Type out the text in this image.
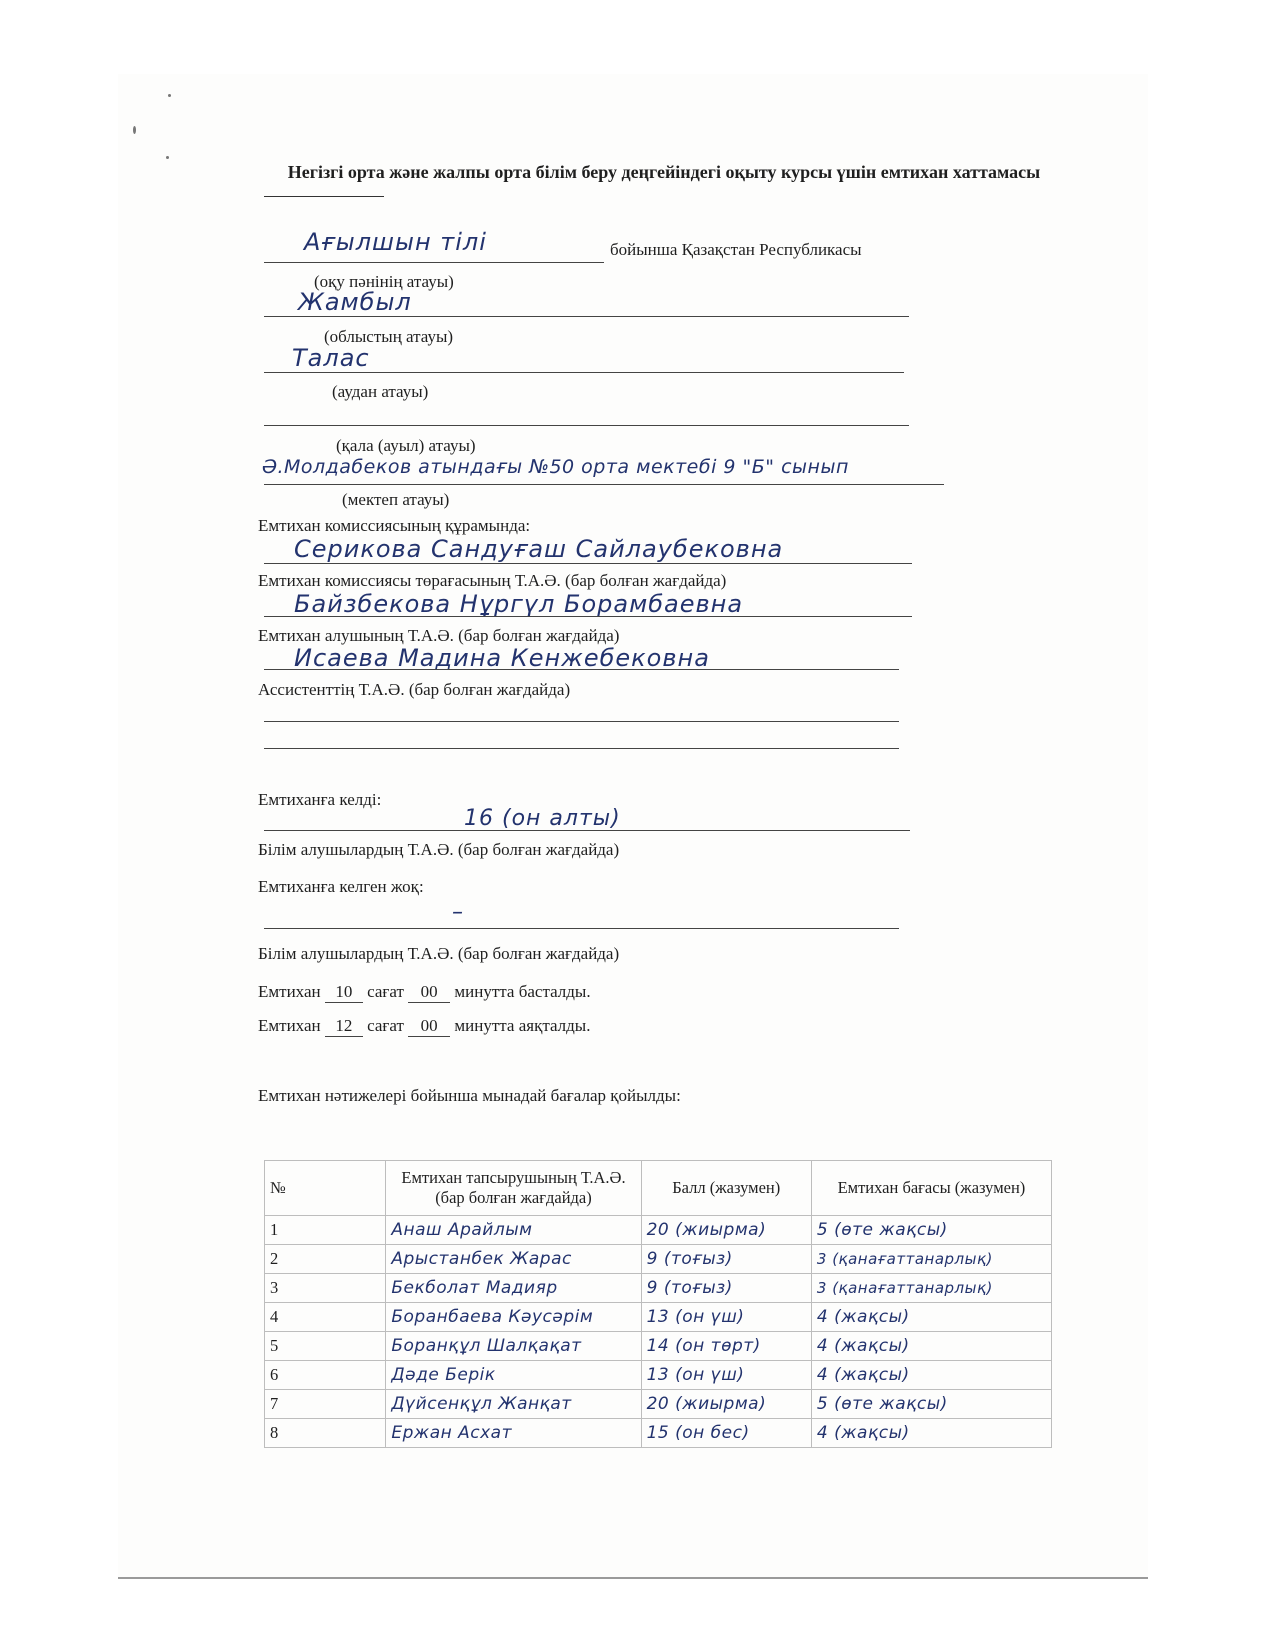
Негізгі орта және жалпы орта білім беру деңгейіндегі оқыту курсы үшін емтихан хаттамасы
Ағылшын тілі	бойынша Қазақстан Республикасы
(оқу пәнінің атауы)
Жамбыл
(облыстың атауы)
Талас
(аудан атауы)
(қала (ауыл) атауы)
Ә.Молдабеков атындағы №50 орта мектебі 9 "Б" сынып
(мектеп атауы)
Емтихан комиссиясының құрамында:
Серикова Сандуғаш Сайлаубековна
Емтихан комиссиясы төрағасының Т.А.Ә. (бар болған жағдайда)
Байзбекова Нұргүл Борамбаевна
Емтихан алушының Т.А.Ә. (бар болған жағдайда)
Исаева Мадина Кенжебековна
Ассистенттің Т.А.Ә. (бар болған жағдайда)
Емтиханға келді:
16 (он алты)
Білім алушылардың Т.А.Ә. (бар болған жағдайда)
Емтиханға келген жоқ:
–
Білім алушылардың Т.А.Ә. (бар болған жағдайда)
Емтихан 10 сағат 00 минутта басталды.
Емтихан 12 сағат 00 минутта аяқталды.
Емтихан нәтижелері бойынша мынадай бағалар қойылды:
№	Емтихан тапсырушының Т.А.Ә. (бар болған жағдайда)	Балл (жазумен)	Емтихан бағасы (жазумен)
1	Анаш Арайлым	20 (жиырма)	5 (өте жақсы)
2	Арыстанбек Жарас	9 (тоғыз)	3 (қанағаттанарлық)
3	Бекболат Мадияр	9 (тоғыз)	3 (қанағаттанарлық)
4	Боранбаева Кәусәрім	13 (он үш)	4 (жақсы)
5	Боранқұл Шалқақат	14 (он төрт)	4 (жақсы)
6	Дәде Берік	13 (он үш)	4 (жақсы)
7	Дүйсенқұл Жанқат	20 (жиырма)	5 (өте жақсы)
8	Ержан Асхат	15 (он бес)	4 (жақсы)
